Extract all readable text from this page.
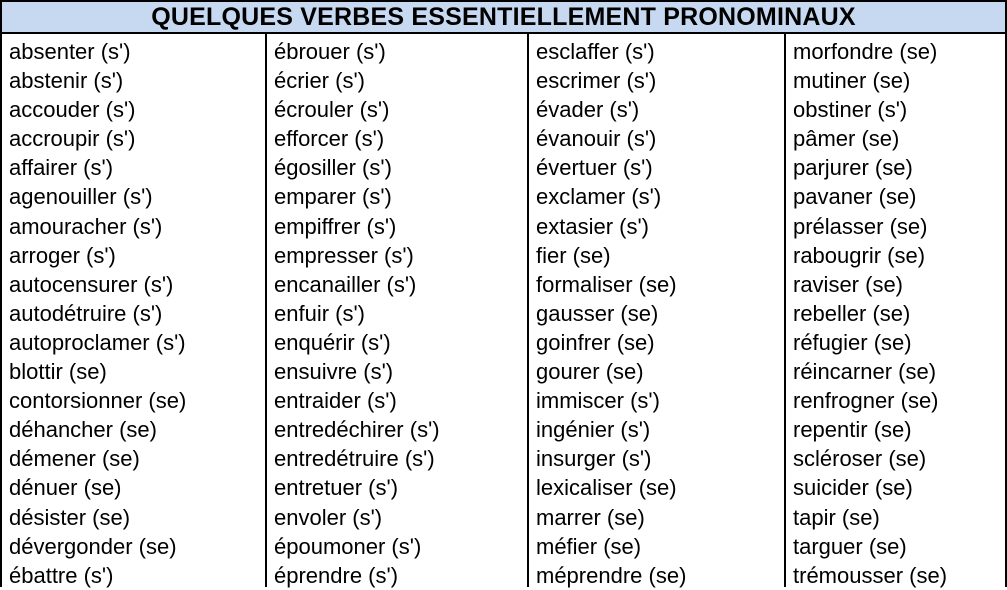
QUELQUES VERBES ESSENTIELLEMENT PRONOMINAUX
absenter (s')
abstenir (s')
accouder (s')
accroupir (s')
affairer (s')
agenouiller (s')
amouracher (s')
arroger (s')
autocensurer (s')
autodétruire (s')
autoproclamer (s')
blottir (se)
contorsionner (se)
déhancher (se)
démener (se)
dénuer (se)
désister (se)
dévergonder (se)
ébattre (s')
ébrouer (s')
écrier (s')
écrouler (s')
efforcer (s')
égosiller (s')
emparer (s')
empiffrer (s')
empresser (s')
encanailler (s')
enfuir (s')
enquérir (s')
ensuivre (s')
entraider (s')
entredéchirer (s')
entredétruire (s')
entretuer (s')
envoler (s')
époumoner (s')
éprendre (s')
esclaffer (s')
escrimer (s')
évader (s')
évanouir (s')
évertuer (s')
exclamer (s')
extasier (s')
fier (se)
formaliser (se)
gausser (se)
goinfrer (se)
gourer (se)
immiscer (s')
ingénier (s')
insurger (s')
lexicaliser (se)
marrer (se)
méfier (se)
méprendre (se)
morfondre (se)
mutiner (se)
obstiner (s')
pâmer (se)
parjurer (se)
pavaner (se)
prélasser (se)
rabougrir (se)
raviser (se)
rebeller (se)
réfugier (se)
réincarner (se)
renfrogner (se)
repentir (se)
scléroser (se)
suicider (se)
tapir (se)
targuer (se)
trémousser (se)
